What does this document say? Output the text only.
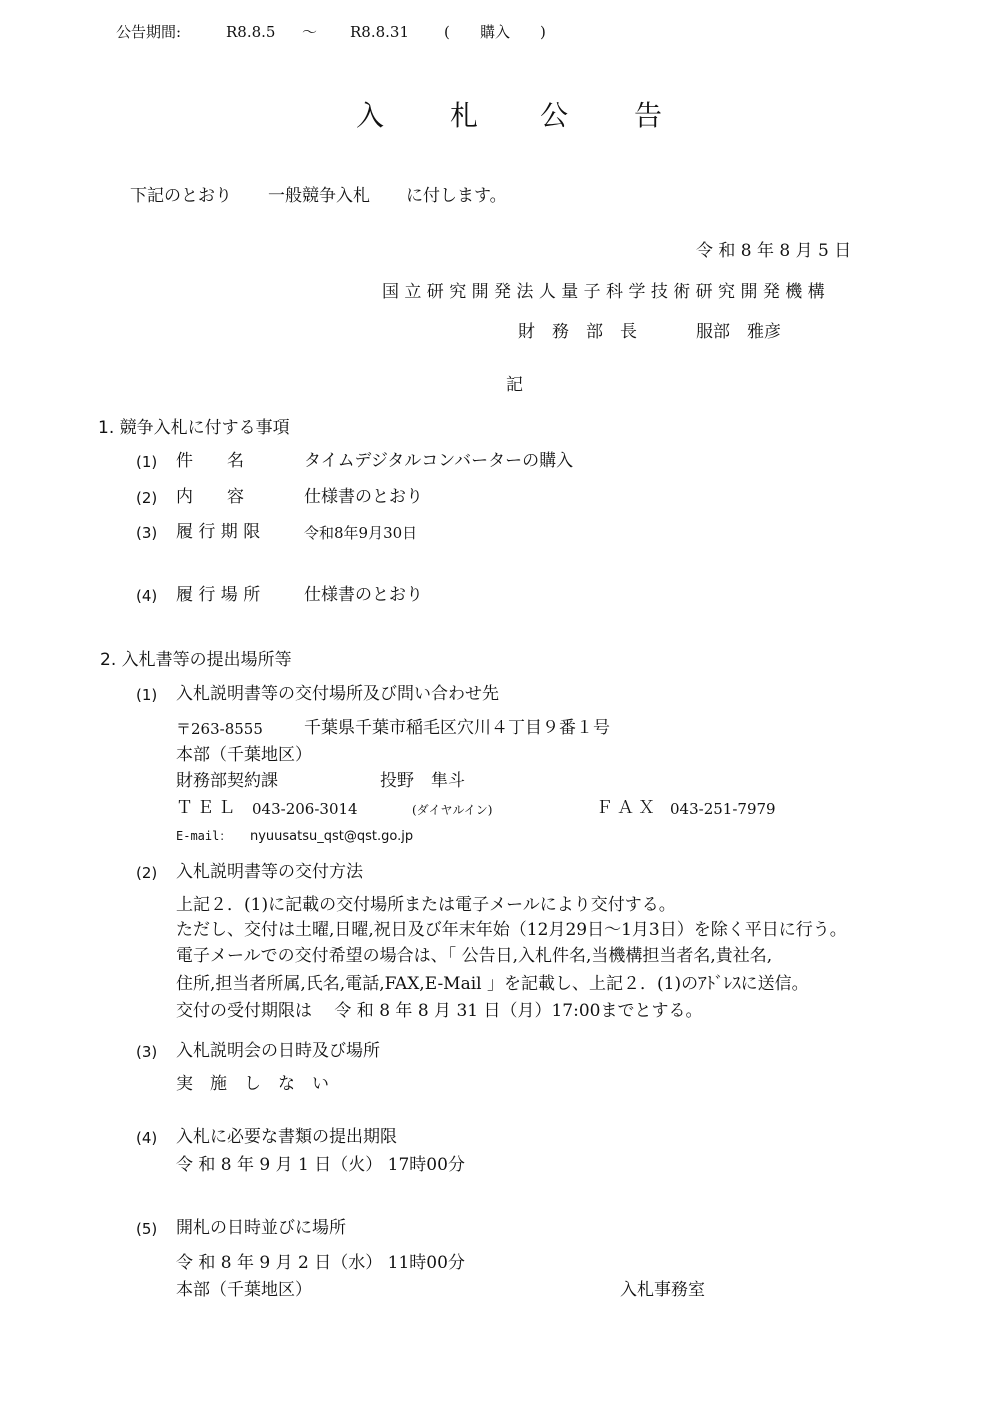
公告期間:	R8.8.5 ～ R8.8.31 ( 購入 )
入 札 公 告
下記のとおり 一般競争入札 に付します。
令 和 8 年 8 月 5 日
国 立 研 究 開 発 法 人 量 子 科 学 技 術 研 究 開 発 機 構
財　務　部　長	服部　雅彦
記
1. 競争入札に付する事項
(1) 件　　名	タイムデジタルコンバーターの購入
(2) 内　　容	仕様書のとおり
(3) 履 行 期 限	令和8年9月30日
(4) 履 行 場 所	仕様書のとおり
2. 入札書等の提出場所等
(1) 入札説明書等の交付場所及び問い合わせ先
〒263-8555 千葉県千葉市稲毛区穴川４丁目９番１号
本部（千葉地区）
財務部契約課	投野　隼斗
ＴＥＬ 043-206-3014	(ダイヤルイン)	ＦＡＸ 043-251-7979
E-mail： nyuusatsu_qst@qst.go.jp
(2) 入札説明書等の交付方法
上記２．(1)に記載の交付場所または電子メールにより交付する。
ただし、交付は土曜,日曜,祝日及び年末年始（12月29日～1月3日）を除く平日に行う。
電子メールでの交付希望の場合は、「 公告日,入札件名,当機構担当者名,貴社名,
住所,担当者所属,氏名,電話,FAX,E-Mail 」を記載し、上記２．(1)のｱﾄﾞﾚｽに送信。
交付の受付期限は　 令 和 8 年 8 月 31 日（月）17:00までとする。
(3) 入札説明会の日時及び場所
実　施　し　な　い
(4) 入札に必要な書類の提出期限
令 和 8 年 9 月 1 日（火） 17時00分
(5) 開札の日時並びに場所
令 和 8 年 9 月 2 日（水） 11時00分
本部（千葉地区）	入札事務室
